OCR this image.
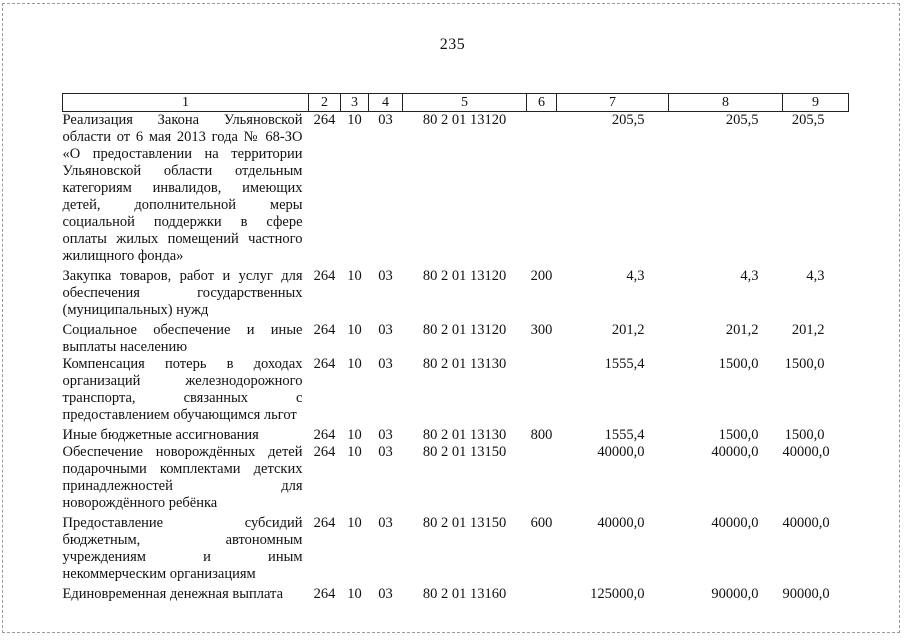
235
1	2	3	4	5	6	7	8	9
Реализация Закона Ульяновской области от 6 мая 2013 года № 68-ЗО «О предоставлении на территории Ульяновской области отдельным категориям инвалидов, имеющих детей, дополнительной меры социальной поддержки в сфере оплаты жилых помещений частного жилищного фонда»	264	10	03	80 2 01 13120		205,5	205,5	205,5
Закупка товаров, работ и услуг для обеспечения государственных (муниципальных) нужд	264	10	03	80 2 01 13120	200	4,3	4,3	4,3
Социальное обеспечение и иные выплаты населению	264	10	03	80 2 01 13120	300	201,2	201,2	201,2
Компенсация потерь в доходах организаций железнодорожного транспорта, связанных с предоставлением обучающимся льгот	264	10	03	80 2 01 13130		1555,4	1500,0	1500,0
Иные бюджетные ассигнования	264	10	03	80 2 01 13130	800	1555,4	1500,0	1500,0
Обеспечение новорождённых детей подарочными комплектами детских принадлежностей для новорождённого ребёнка	264	10	03	80 2 01 13150		40000,0	40000,0	40000,0
Предоставление субсидий бюджетным, автономным учреждениям и иным некоммерческим организациям	264	10	03	80 2 01 13150	600	40000,0	40000,0	40000,0
Единовременная денежная выплата	264	10	03	80 2 01 13160		125000,0	90000,0	90000,0
